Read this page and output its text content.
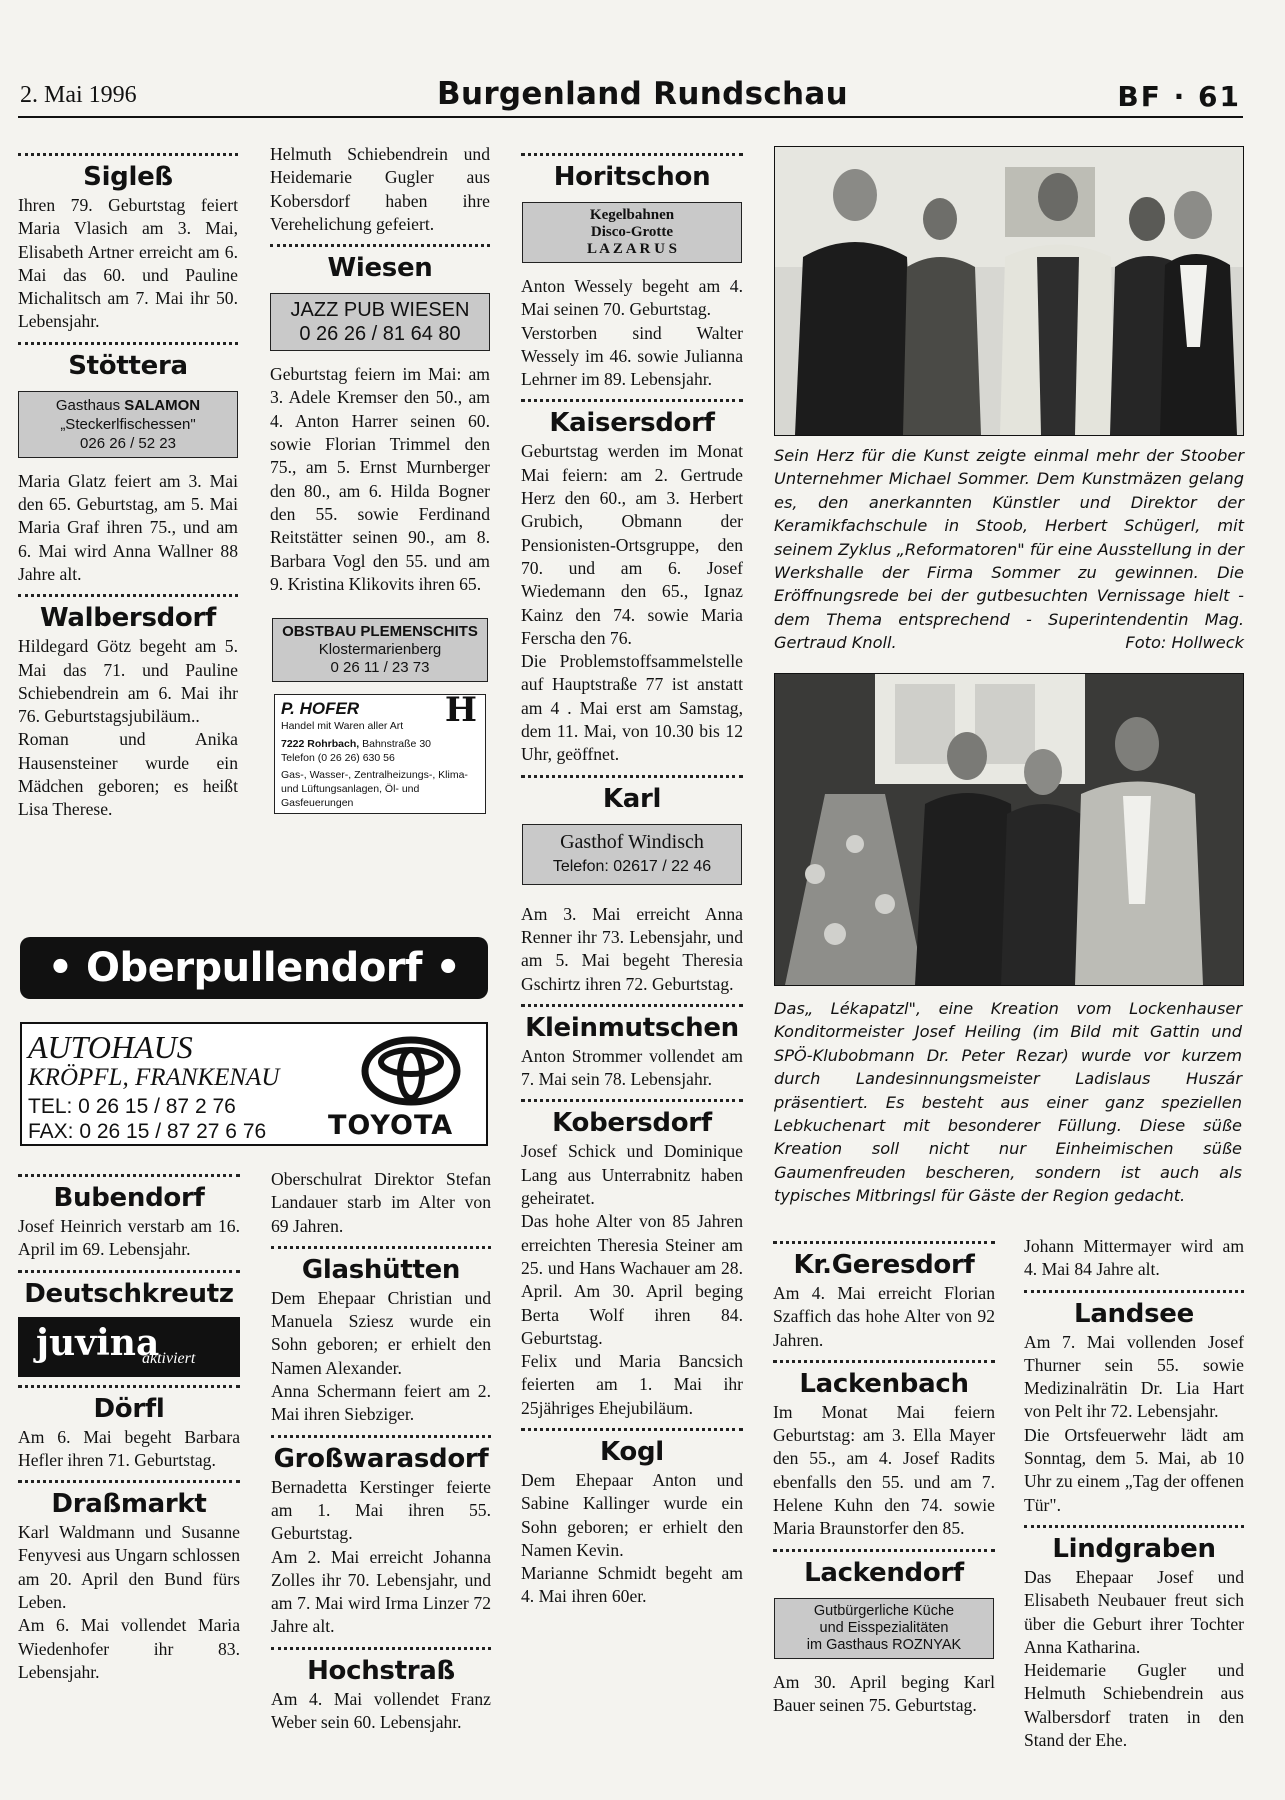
2. Mai 1996	Burgenland Rundschau	BF · 61
Sigleß

Ihren 79. Geburtstag feiert Maria Vlasich am 3. Mai, Elisabeth Artner erreicht am 6. Mai das 60. und Pauline Michalitsch am 7. Mai ihr 50. Lebensjahr.

Stöttera
Gasthaus SALAMON
„Steckerlfischessen"
026 26 / 52 23

Maria Glatz feiert am 3. Mai den 65. Geburtstag, am 5. Mai Maria Graf ihren 75., und am 6. Mai wird Anna Wallner 88 Jahre alt.

Walbersdorf

Hildegard Götz begeht am 5. Mai das 71. und Pauline Schiebendrein am 6. Mai ihr 76. Geburtstagsjubiläum..

Roman und Anika Hausensteiner wurde ein Mädchen geboren; es heißt Lisa Therese.

Helmuth Schiebendrein und Heidemarie Gugler aus Kobersdorf haben ihre Verehelichung gefeiert.

Wiesen
JAZZ PUB WIESEN
0 26 26 / 81 64 80

Geburtstag feiern im Mai: am 3. Adele Kremser den 50., am 4. Anton Harrer seinen 60. sowie Florian Trimmel den 75., am 5. Ernst Murnberger den 80., am 6. Hilda Bogner den 55. sowie Ferdinand Reitstätter seinen 90., am 8. Barbara Vogl den 55. und am 9. Kristina Klikovits ihren 65.

OBSTBAU PLEMENSCHITS
Klostermarienberg
0 26 11 / 23 73
P. HOFER
Handel mit Waren aller Art	H
7222 Rohrbach, Bahnstraße 30
Telefon (0 26 26) 630 56
Gas-, Wasser-, Zentralheizungs-, Klima- und Lüftungsanlagen, Öl- und Gasfeuerungen
Horitschon
Kegelbahnen
Disco-Grotte
L A Z A R U S

Anton Wessely begeht am 4. Mai seinen 70. Geburtstag.

Verstorben sind Walter Wessely im 46. sowie Julianna Lehrner im 89. Lebensjahr.

Kaisersdorf

Geburtstag werden im Monat Mai feiern: am 2. Gertrude Herz den 60., am 3. Herbert Grubich, Obmann der Pensionisten-Ortsgruppe, den 70. und am 6. Josef Wiedemann den 65., Ignaz Kainz den 74. sowie Maria Ferscha den 76.

Die Problemstoffsammelstelle auf Hauptstraße 77 ist anstatt am 4 . Mai erst am Samstag, dem 11. Mai, von 10.30 bis 12 Uhr, geöffnet.

Karl
Gasthof Windisch
Telefon: 02617 / 22 46

Am 3. Mai erreicht Anna Renner ihr 73. Lebensjahr, und am 5. Mai begeht Theresia Gschirtz ihren 72. Geburtstag.

Kleinmutschen

Anton Strommer vollendet am 7. Mai sein 78. Lebensjahr.

Kobersdorf

Josef Schick und Dominique Lang aus Unterrabnitz haben geheiratet.

Das hohe Alter von 85 Jahren erreichten Theresia Steiner am 25. und Hans Wachauer am 28. April. Am 30. April beging Berta Wolf ihren 84. Geburtstag.

Felix und Maria Bancsich feierten am 1. Mai ihr 25jähriges Ehejubiläum.

Kogl

Dem Ehepaar Anton und Sabine Kallinger wurde ein Sohn geboren; er erhielt den Namen Kevin.

Marianne Schmidt begeht am 4. Mai ihren 60er.

• Oberpullendorf •
AUTOHAUS
KRÖPFL, FRANKENAU
TEL: 0 26 15 / 87 2 76
FAX: 0 26 15 / 87 27 6 76 TOYOTA
Bubendorf

Josef Heinrich verstarb am 16. April im 69. Lebensjahr.

Deutschkreutz
juvina
aktiviert
Dörfl

Am 6. Mai begeht Barbara Hefler ihren 71. Geburtstag.

Draßmarkt

Karl Waldmann und Susanne Fenyvesi aus Ungarn schlossen am 20. April den Bund fürs Leben.

Am 6. Mai vollendet Maria Wiedenhofer ihr 83. Lebensjahr.

Oberschulrat Direktor Stefan Landauer starb im Alter von 69 Jahren.

Glashütten

Dem Ehepaar Christian und Manuela Sziesz wurde ein Sohn geboren; er erhielt den Namen Alexander.

Anna Schermann feiert am 2. Mai ihren Siebziger.

Großwarasdorf

Bernadetta Kerstinger feierte am 1. Mai ihren 55. Geburtstag.

Am 2. Mai erreicht Johanna Zolles ihr 70. Lebensjahr, und am 7. Mai wird Irma Linzer 72 Jahre alt.

Hochstraß

Am 4. Mai vollendet Franz Weber sein 60. Lebensjahr.

Sein Herz für die Kunst zeigte einmal mehr der Stoober Unternehmer Michael Sommer. Dem Kunstmäzen gelang es, den anerkannten Künstler und Direktor der Keramikfachschule in Stoob, Herbert Schügerl, mit seinem Zyklus „Reformatoren" für eine Ausstellung in der Werkshalle der Firma Sommer zu gewinnen. Die Eröffnungsrede bei der gutbesuchten Vernissage hielt - dem Thema entsprechend - Superintendentin Mag. Gertraud Knoll.	Foto: Hollweck
Das„ Lékapatzl", eine Kreation vom Lockenhauser Konditormeister Josef Heiling (im Bild mit Gattin und SPÖ-Klubobmann Dr. Peter Rezar) wurde vor kurzem durch Landesinnungsmeister Ladislaus Huszár präsentiert. Es besteht aus einer ganz speziellen Lebkuchenart mit besonderer Füllung. Diese süße Kreation soll nicht nur Einheimischen süße Gaumenfreuden bescheren, sondern ist auch als typisches Mitbringsl für Gäste der Region gedacht.
Kr.Geresdorf

Am 4. Mai erreicht Florian Szaffich das hohe Alter von 92 Jahren.

Lackenbach

Im Monat Mai feiern Geburtstag: am 3. Ella Mayer den 55., am 4. Josef Radits ebenfalls den 55. und am 7. Helene Kuhn den 74. sowie Maria Braunstorfer den 85.

Lackendorf
Gutbürgerliche Küche
und Eisspezialitäten
im Gasthaus ROZNYAK

Am 30. April beging Karl Bauer seinen 75. Geburtstag.

Johann Mittermayer wird am 4. Mai 84 Jahre alt.

Landsee

Am 7. Mai vollenden Josef Thurner sein 55. sowie Medizinalrätin Dr. Lia Hart von Pelt ihr 72. Lebensjahr.

Die Ortsfeuerwehr lädt am Sonntag, dem 5. Mai, ab 10 Uhr zu einem „Tag der offenen Tür".

Lindgraben

Das Ehepaar Josef und Elisabeth Neubauer freut sich über die Geburt ihrer Tochter Anna Katharina.

Heidemarie Gugler und Helmuth Schiebendrein aus Walbersdorf traten in den Stand der Ehe.
